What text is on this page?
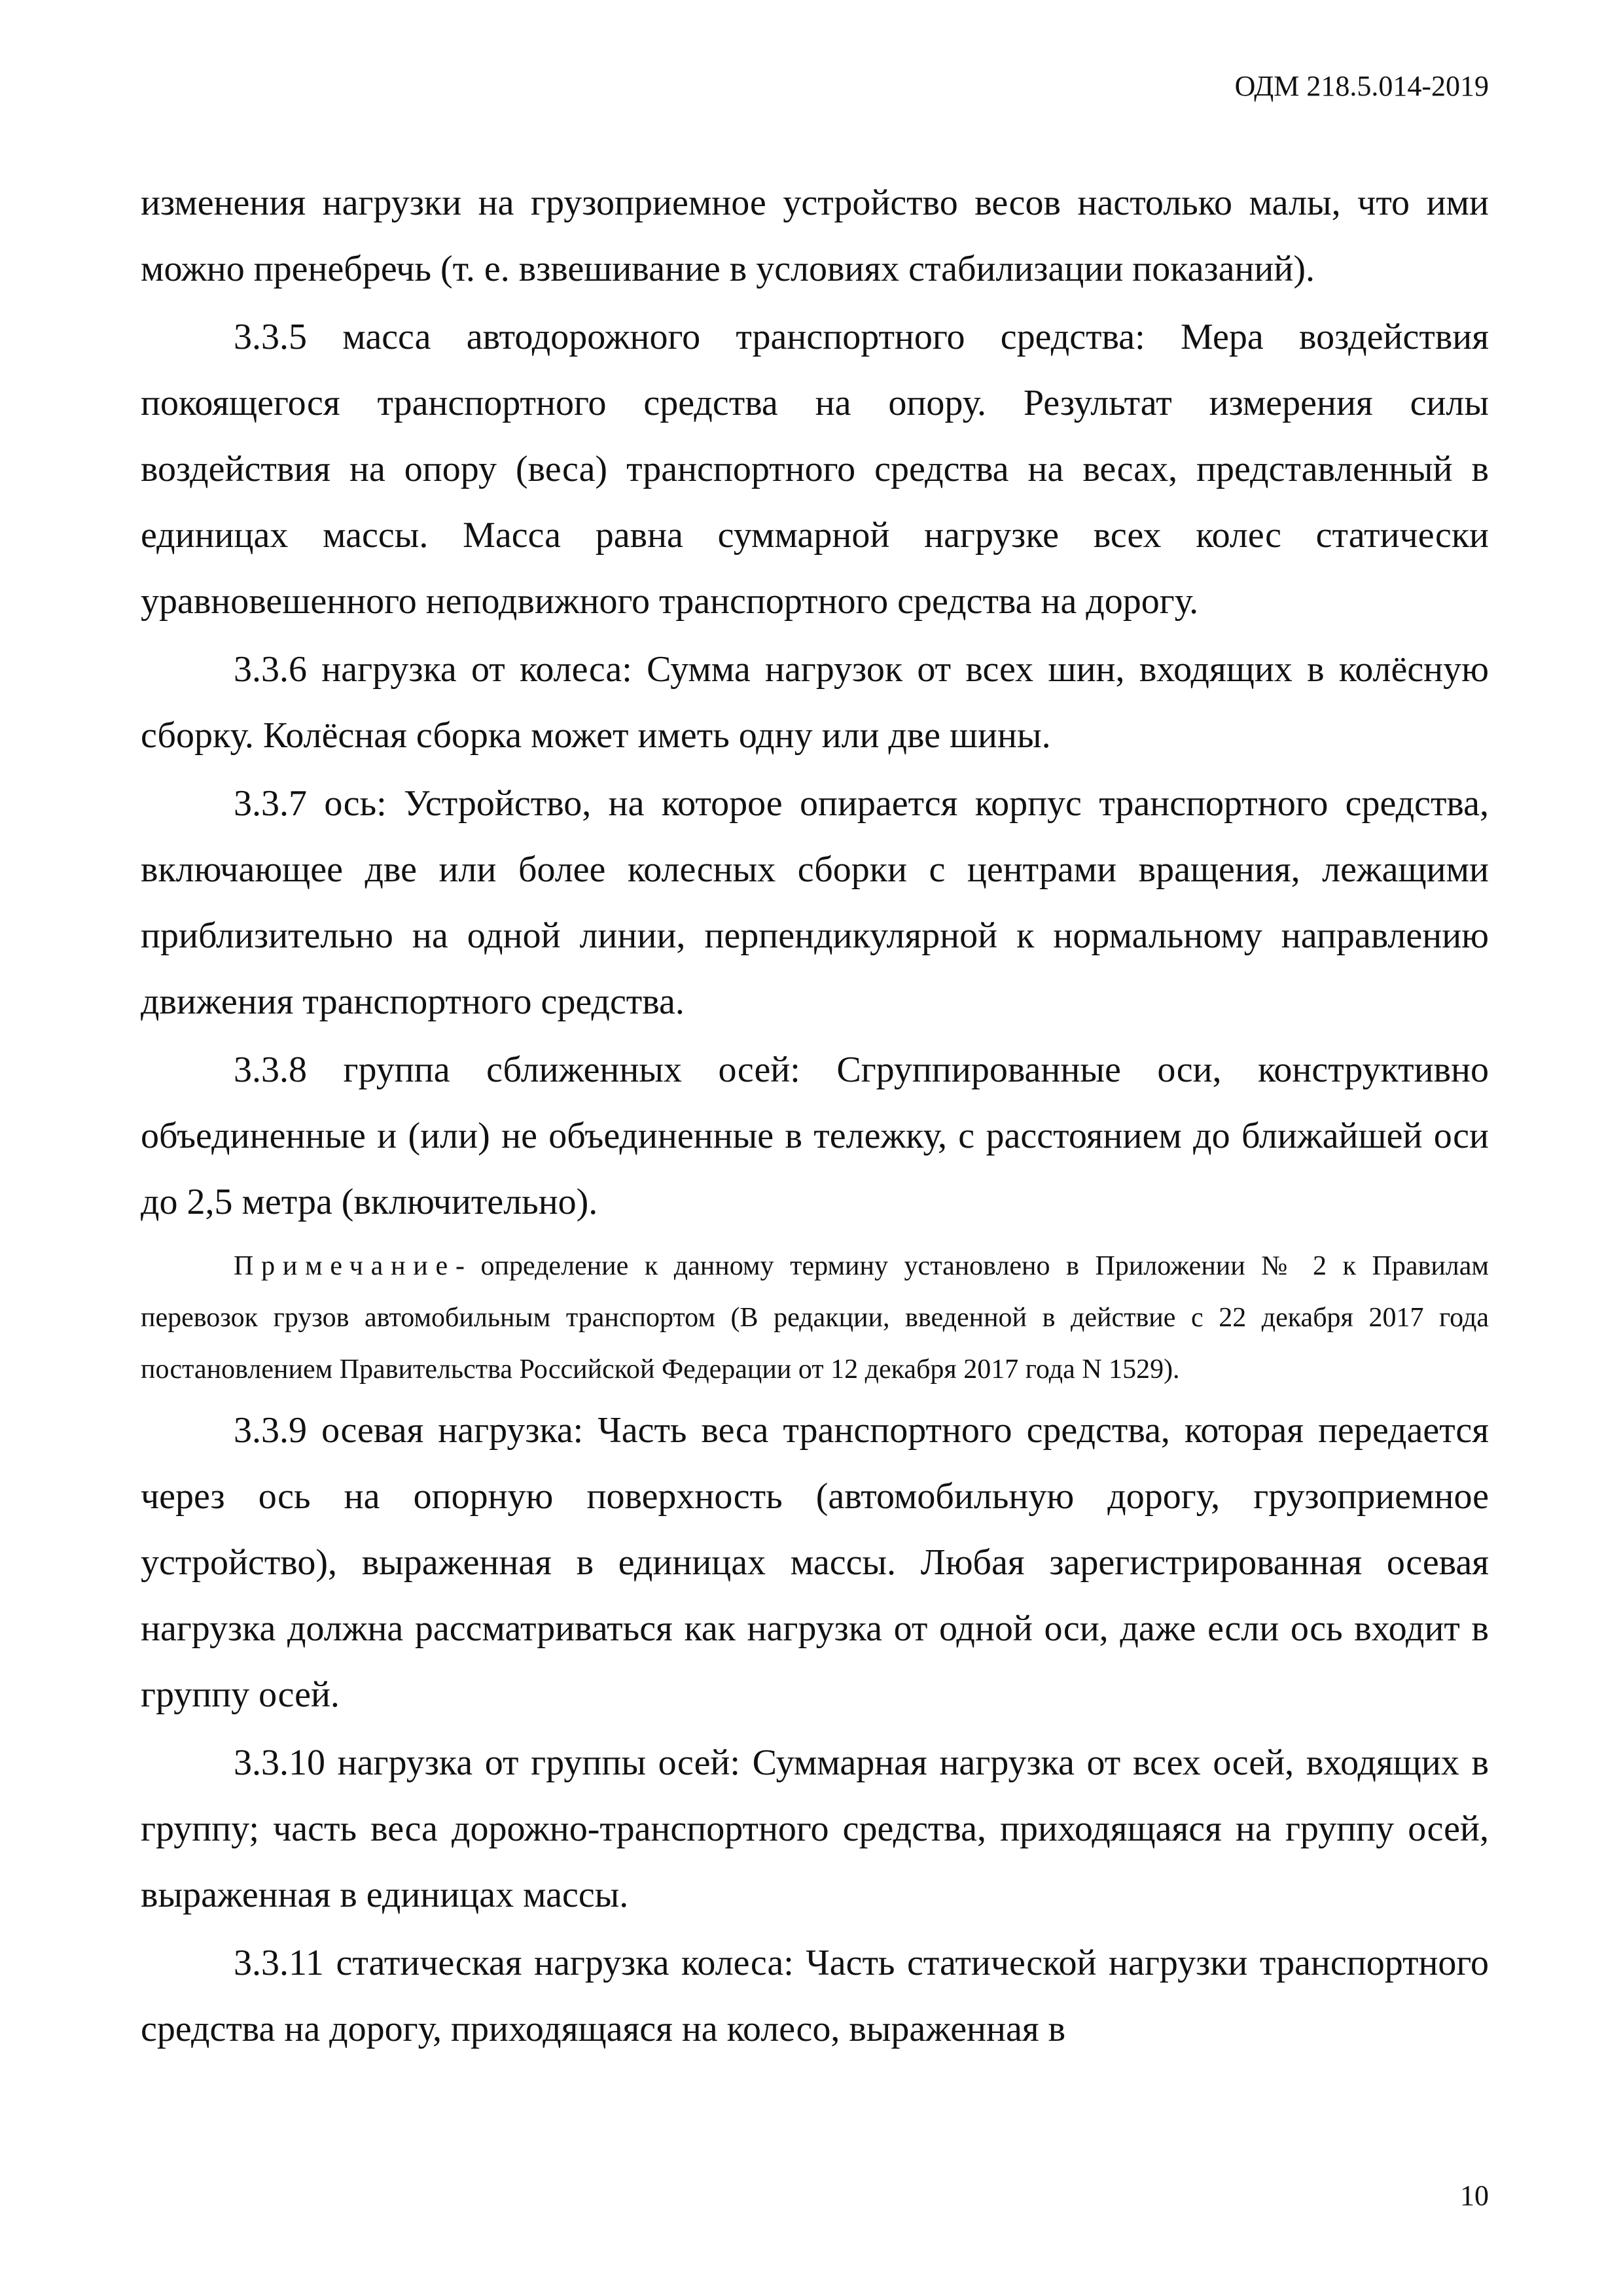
ОДМ 218.5.014-2019

изменения нагрузки на грузоприемное устройство весов настолько малы, что ими можно пренебречь (т. е. взвешивание в условиях стабилизации показаний).

3.3.5 масса автодорожного транспортного средства: Мера воздействия покоящегося транспортного средства на опору. Результат измерения силы воздействия на опору (веса) транспортного средства на весах, представленный в единицах массы. Масса равна суммарной нагрузке всех колес статически уравновешенного неподвижного транспортного средства на дорогу.

3.3.6 нагрузка от колеса: Сумма нагрузок от всех шин, входящих в колёсную сборку. Колёсная сборка может иметь одну или две шины.

3.3.7 ось: Устройство, на которое опирается корпус транспортного средства, включающее две или более колесных сборки с центрами вращения, лежащими приблизительно на одной линии, перпендикулярной к нормальному направлению движения транспортного средства.

3.3.8 группа сближенных осей: Сгруппированные оси, конструктивно объединенные и (или) не объединенные в тележку, с расстоянием до ближайшей оси до 2,5 метра (включительно).

Примечание- определение к данному термину установлено в Приложении № 2 к Правилам перевозок грузов автомобильным транспортом (В редакции, введенной в действие с 22 декабря 2017 года постановлением Правительства Российской Федерации от 12 декабря 2017 года N 1529).

3.3.9 осевая нагрузка: Часть веса транспортного средства, которая передается через ось на опорную поверхность (автомобильную дорогу, грузоприемное устройство), выраженная в единицах массы. Любая зарегистрированная осевая нагрузка должна рассматриваться как нагрузка от одной оси, даже если ось входит в группу осей.

3.3.10 нагрузка от группы осей: Суммарная нагрузка от всех осей, входящих в группу; часть веса дорожно-транспортного средства, приходящаяся на группу осей, выраженная в единицах массы.

3.3.11 статическая нагрузка колеса: Часть статической нагрузки транспортного средства на дорогу, приходящаяся на колесо, выраженная в

10
